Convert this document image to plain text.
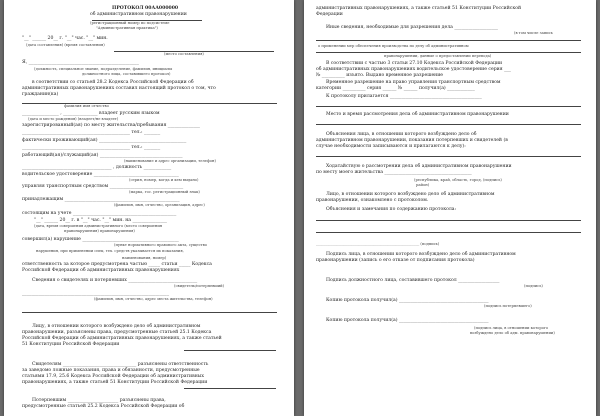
ПРОТОКОЛ 00АА000000
об административном правонарушении
(регистрационный номер по подсистеме
"Административная практика")
"__" ______ 20__ г. "__" час. "__" мин.
(дата составления) (время составления)
(место составления)
Я, ________________________________________________
(должность, специальное звание, подразделение, фамилия, инициалы
должностного лица, составившего протокол)
в соответствии со статьей 28.2 Кодекса Российской Федерации об
административных правонарушениях составил настоящий протокол о том, что
гражданин(ка)
фамилия имя отчество
________________ , _______________ владеет русским языком
(дата и место рождения) (владеет/не владеет)
зарегистрированный(ая) по месту жительства/пребывания ______________
_______________________________________________ тел.: _______
фактически проживающий(ая) ______________________________________
_______________________________________________ тел.: _______
работающий(ая)/служащий(ая) ____________________________________
(наименование и адрес организации, телефон)
_______________________________________ , должность ____________
водительское удостоверение _____________________________________
(серия, номер, когда и кем выдано)
управляя транспортным средством ________________________________
(марка, гос. регистрационный знак)
принадлежащим __________________________________________________
(фамилия, имя, отчество, организация, адрес)
состоящим на учете _____________________________________________
"__" ______ 20__ г. в "__" час. "__" мин. на _______________
(дата, время совершения административного (место совершения
правонарушения) правонарушения)
совершил(а) нарушение __________________________________________
(пункт нормативного правового акта, существо
нарушения, при применении спец. тех. средств указывается их показания,
наименования, номер)
ответственность за которое предусмотрена частью _____ статьи _____ Кодекса
Российской Федерации об административных правонарушениях
Сведения о свидетелях и потерпевших ______________________________
(свидетель/потерпевший)
________________________________________________________________
(фамилия, имя, отчество, адрес места жительства, телефон)
Лицу, в отношении которого возбуждено дело об административном
правонарушении, разъяснены права, предусмотренные статьей 25.1 Кодекса
Российской Федерации об административных правонарушениях, а также статьей
51 Конституции Российской Федерации
Свидетелям ________________________________ разъяснены ответственность
за заведомо ложные показания, права и обязанности, предусмотренные
статьями 17.9, 25.6 Кодекса Российской Федерации об административных
правонарушениях, а также статьей 51 Конституции Российской Федерации
Потерпевшим ______________________ разъяснены права,
предусмотренные статьей 25.2 Кодекса Российской Федерации об
административных правонарушениях, а также статьей 51 Конституции Российской
Федерации
Иные сведения, необходимые для разрешения дела ___________________
(в том числе запись
о применении мер обеспечения производства по делу об административном
правонарушении, данные о предоставлении перевода)
В соответствии с частью 3 статьи 27.10 Кодекса Российской Федерации
об административных правонарушениях водительское удостоверение серия ___
№ __________ изъято. Выдано временное разрешение
Временное разрешение на право управления транспортным средством
категории __________ серия ______ № ______ получил(а) ____________
К протоколу прилагается ________________________________________
Место и время рассмотрения дела об административном правонарушении
Объяснения лица, в отношении которого возбуждено дело об
административном правонарушении, показания потерпевших и свидетелей (в
случае необходимости записываются и прилагаются к делу):
Ходатайствую о рассмотрении дела об административном правонарушении
по месту моего жительства ______________________________________
(республика, край, область, город, (подпись)
район)
Лицо, в отношении которого возбуждено дело об административном
правонарушении, ознакомлено с протоколом.
Объяснения и замечания по содержанию протокола:
________________________________________________________ (подпись)
Подпись лица, в отношении которого возбуждено дело об административном
правонарушении (запись о его отказе от подписания протокола)
Подпись должностного лица, составившего протокол __________________
(подпись)
Копию протокола получил(а) _______________________________________
(подпись потерпевшего)
Копию протокола получил(а) _______________________________________
(подпись лица, в отношении которого
возбуждено дело об адм. правонарушении)
